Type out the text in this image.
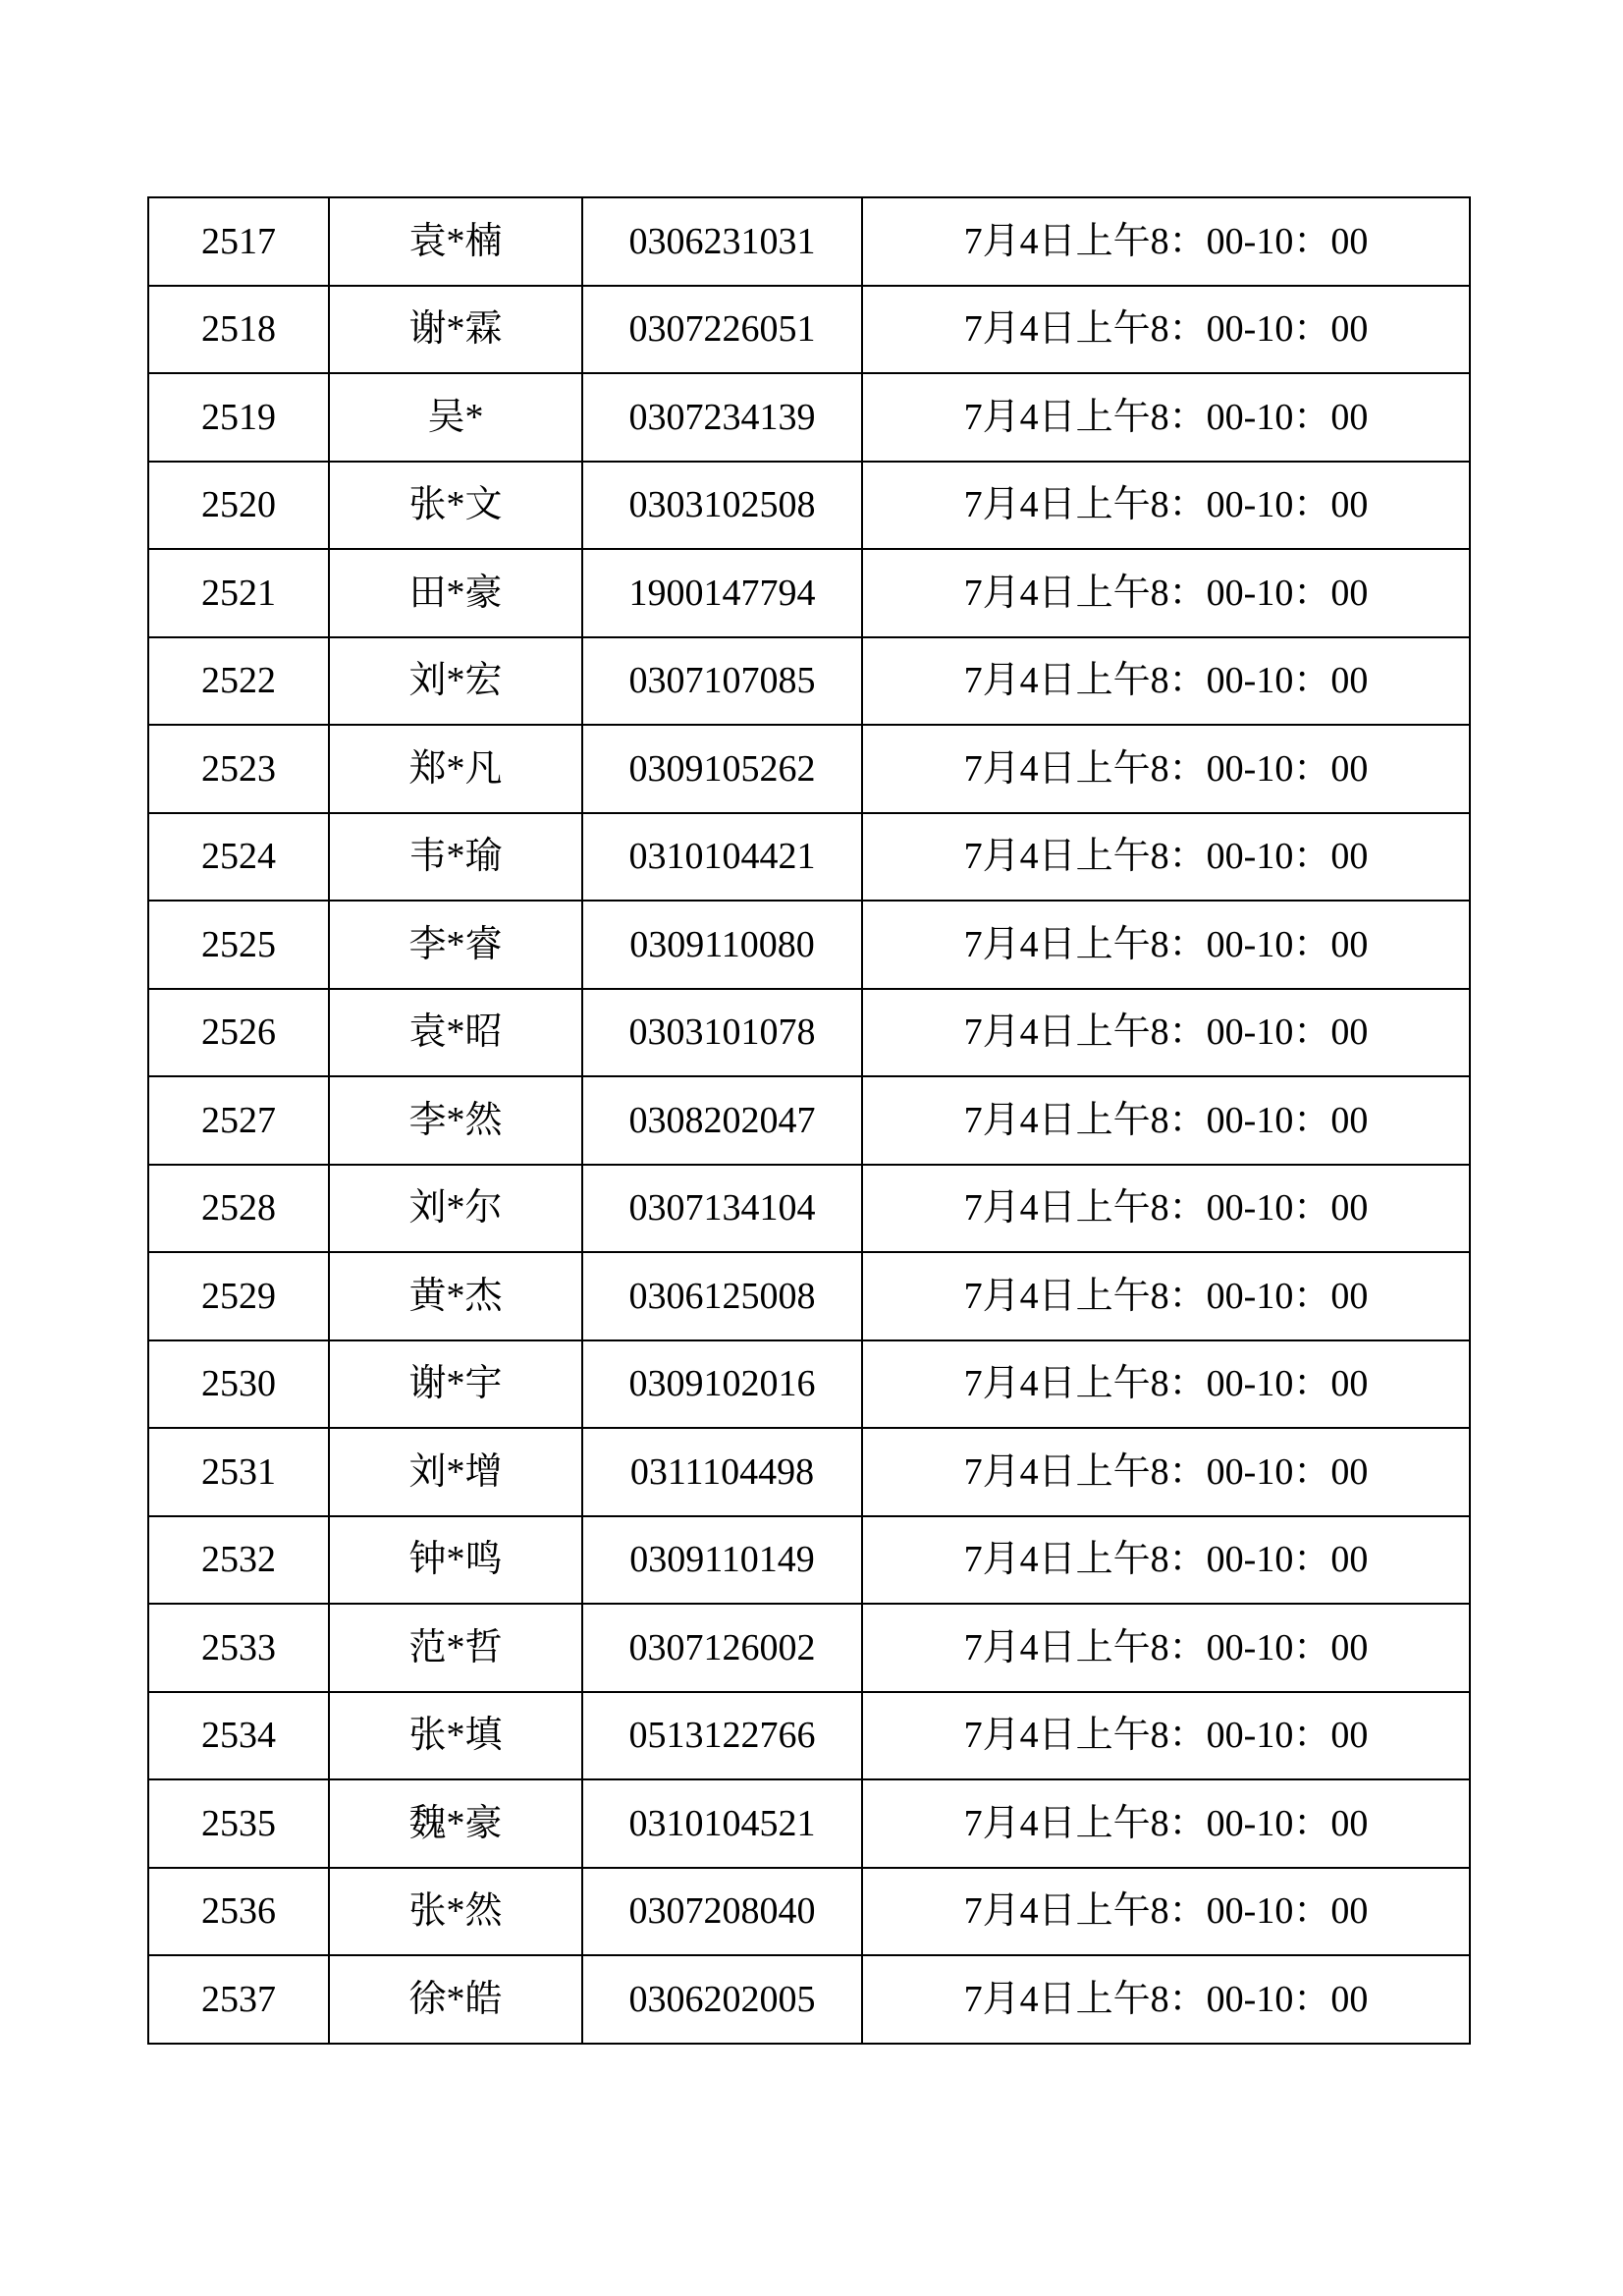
2517	袁*楠	0306231031	7月4日上午8：00-10：00
2518	谢*霖	0307226051	7月4日上午8：00-10：00
2519	吴*	0307234139	7月4日上午8：00-10：00
2520	张*文	0303102508	7月4日上午8：00-10：00
2521	田*豪	1900147794	7月4日上午8：00-10：00
2522	刘*宏	0307107085	7月4日上午8：00-10：00
2523	郑*凡	0309105262	7月4日上午8：00-10：00
2524	韦*瑜	0310104421	7月4日上午8：00-10：00
2525	李*睿	0309110080	7月4日上午8：00-10：00
2526	袁*昭	0303101078	7月4日上午8：00-10：00
2527	李*然	0308202047	7月4日上午8：00-10：00
2528	刘*尔	0307134104	7月4日上午8：00-10：00
2529	黄*杰	0306125008	7月4日上午8：00-10：00
2530	谢*宇	0309102016	7月4日上午8：00-10：00
2531	刘*增	0311104498	7月4日上午8：00-10：00
2532	钟*鸣	0309110149	7月4日上午8：00-10：00
2533	范*哲	0307126002	7月4日上午8：00-10：00
2534	张*填	0513122766	7月4日上午8：00-10：00
2535	魏*豪	0310104521	7月4日上午8：00-10：00
2536	张*然	0307208040	7月4日上午8：00-10：00
2537	徐*皓	0306202005	7月4日上午8：00-10：00
